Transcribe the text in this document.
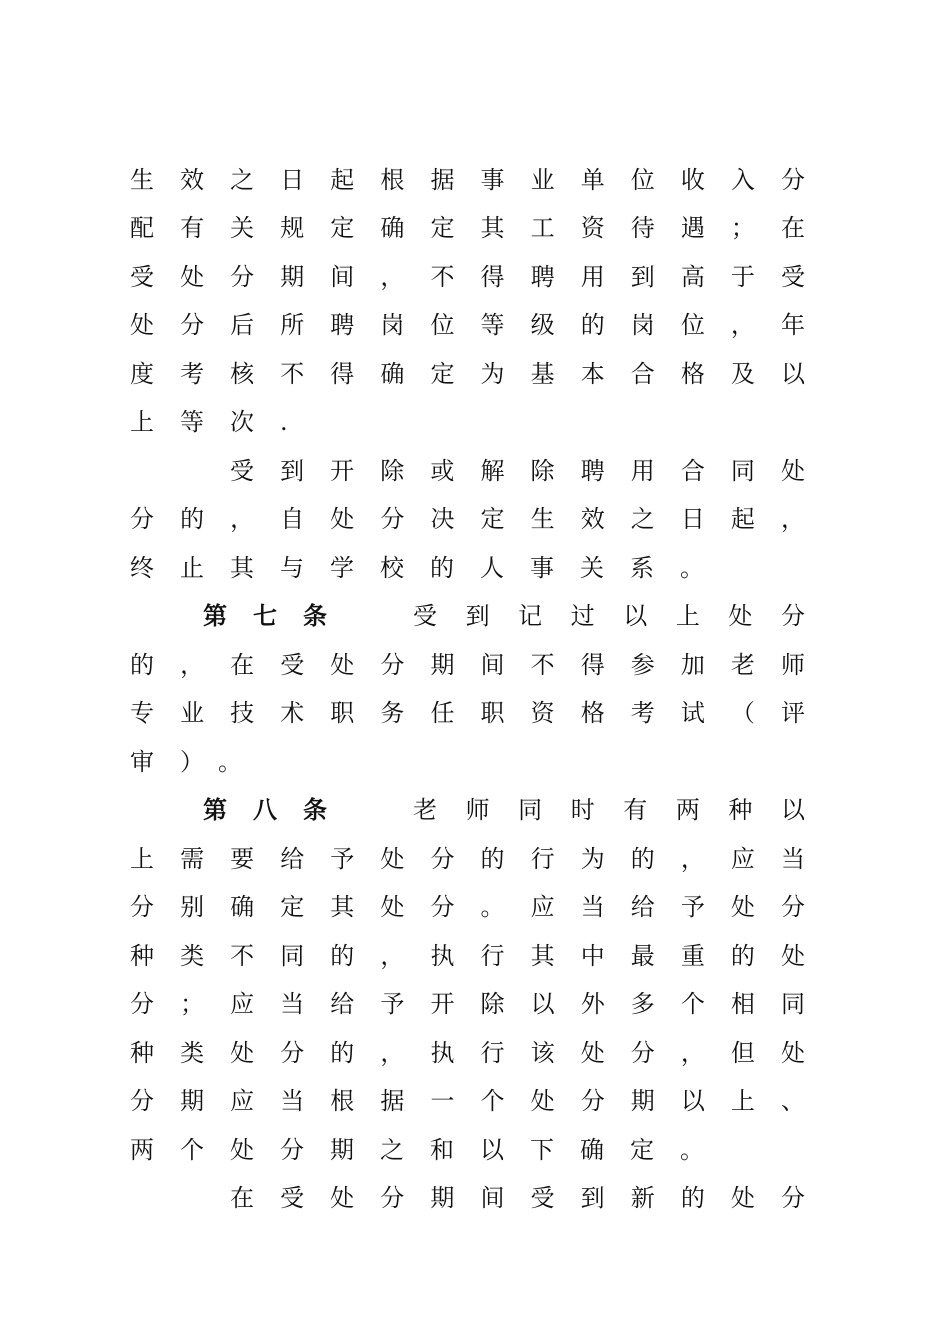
生效之日起根据事业单位收入分
配有关规定确定其工资待遇；在
受处分期间，不得聘用到高于受
处分后所聘岗位等级的岗位，年
度考核不得确定为基本合格及以
上等次.
受到开除或解除聘用合同处
分的，自处分决定生效之日起，
终止其与学校的人事关系。
第七条	受到记过以上处分
的，在受处分期间不得参加老师
专业技术职务任职资格考试（评
审）。
第八条	老师同时有两种以
上需要给予处分的行为的，应当
分别确定其处分。应当给予处分
种类不同的，执行其中最重的处
分；应当给予开除以外多个相同
种类处分的，执行该处分，但处
分期应当根据一个处分期以上、
两个处分期之和以下确定。
在受处分期间受到新的处分
